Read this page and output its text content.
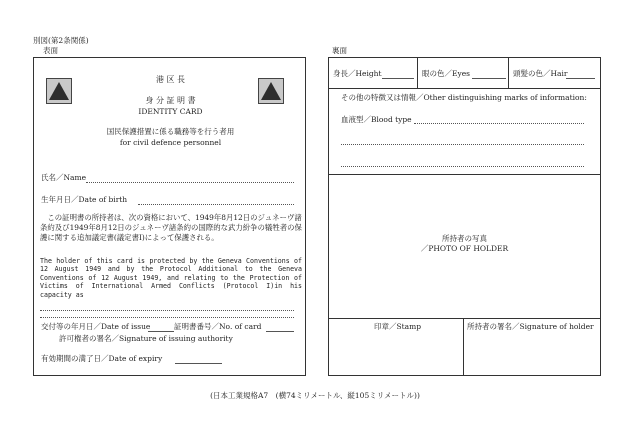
別図(第2条関係)
表面	裏面
港 区 長
身 分 証 明 書
IDENTITY CARD
国民保護措置に係る職務等を行う者用
for civil defence personnel
氏名／Name
生年月日／Date of birth
　この証明書の所持者は、次の資格において、1949年8月12日のジュネーヴ諸条約及び1949年8月12日のジュネーヴ諸条約の国際的な武力紛争の犠牲者の保護に関する追加議定書(議定書Ⅰ)によって保護される。
The holder of this card is protected by the Geneva Conventions of 12 August 1949 and by the Protocol Additional to the Geneva Conventions of 12 August 1949, and relating to the Protection of Victims of International Armed Conflicts (Protocol I)in his capacity as
交付等の年月日／Date of issue	証明書番号／No. of card
許可権者の署名／Signature of issuing authority
有効期間の満了日／Date of expiry
身長／Height	眼の色／Eyes	頭髪の色／Hair
その他の特徴又は情報／Other distinguishing marks of information:
血液型／Blood type
所持者の写真
／PHOTO OF HOLDER
印章／Stamp	所持者の署名／Signature of holder
(日本工業規格A7　(横74ミリメートル、縦105ミリメートル))
